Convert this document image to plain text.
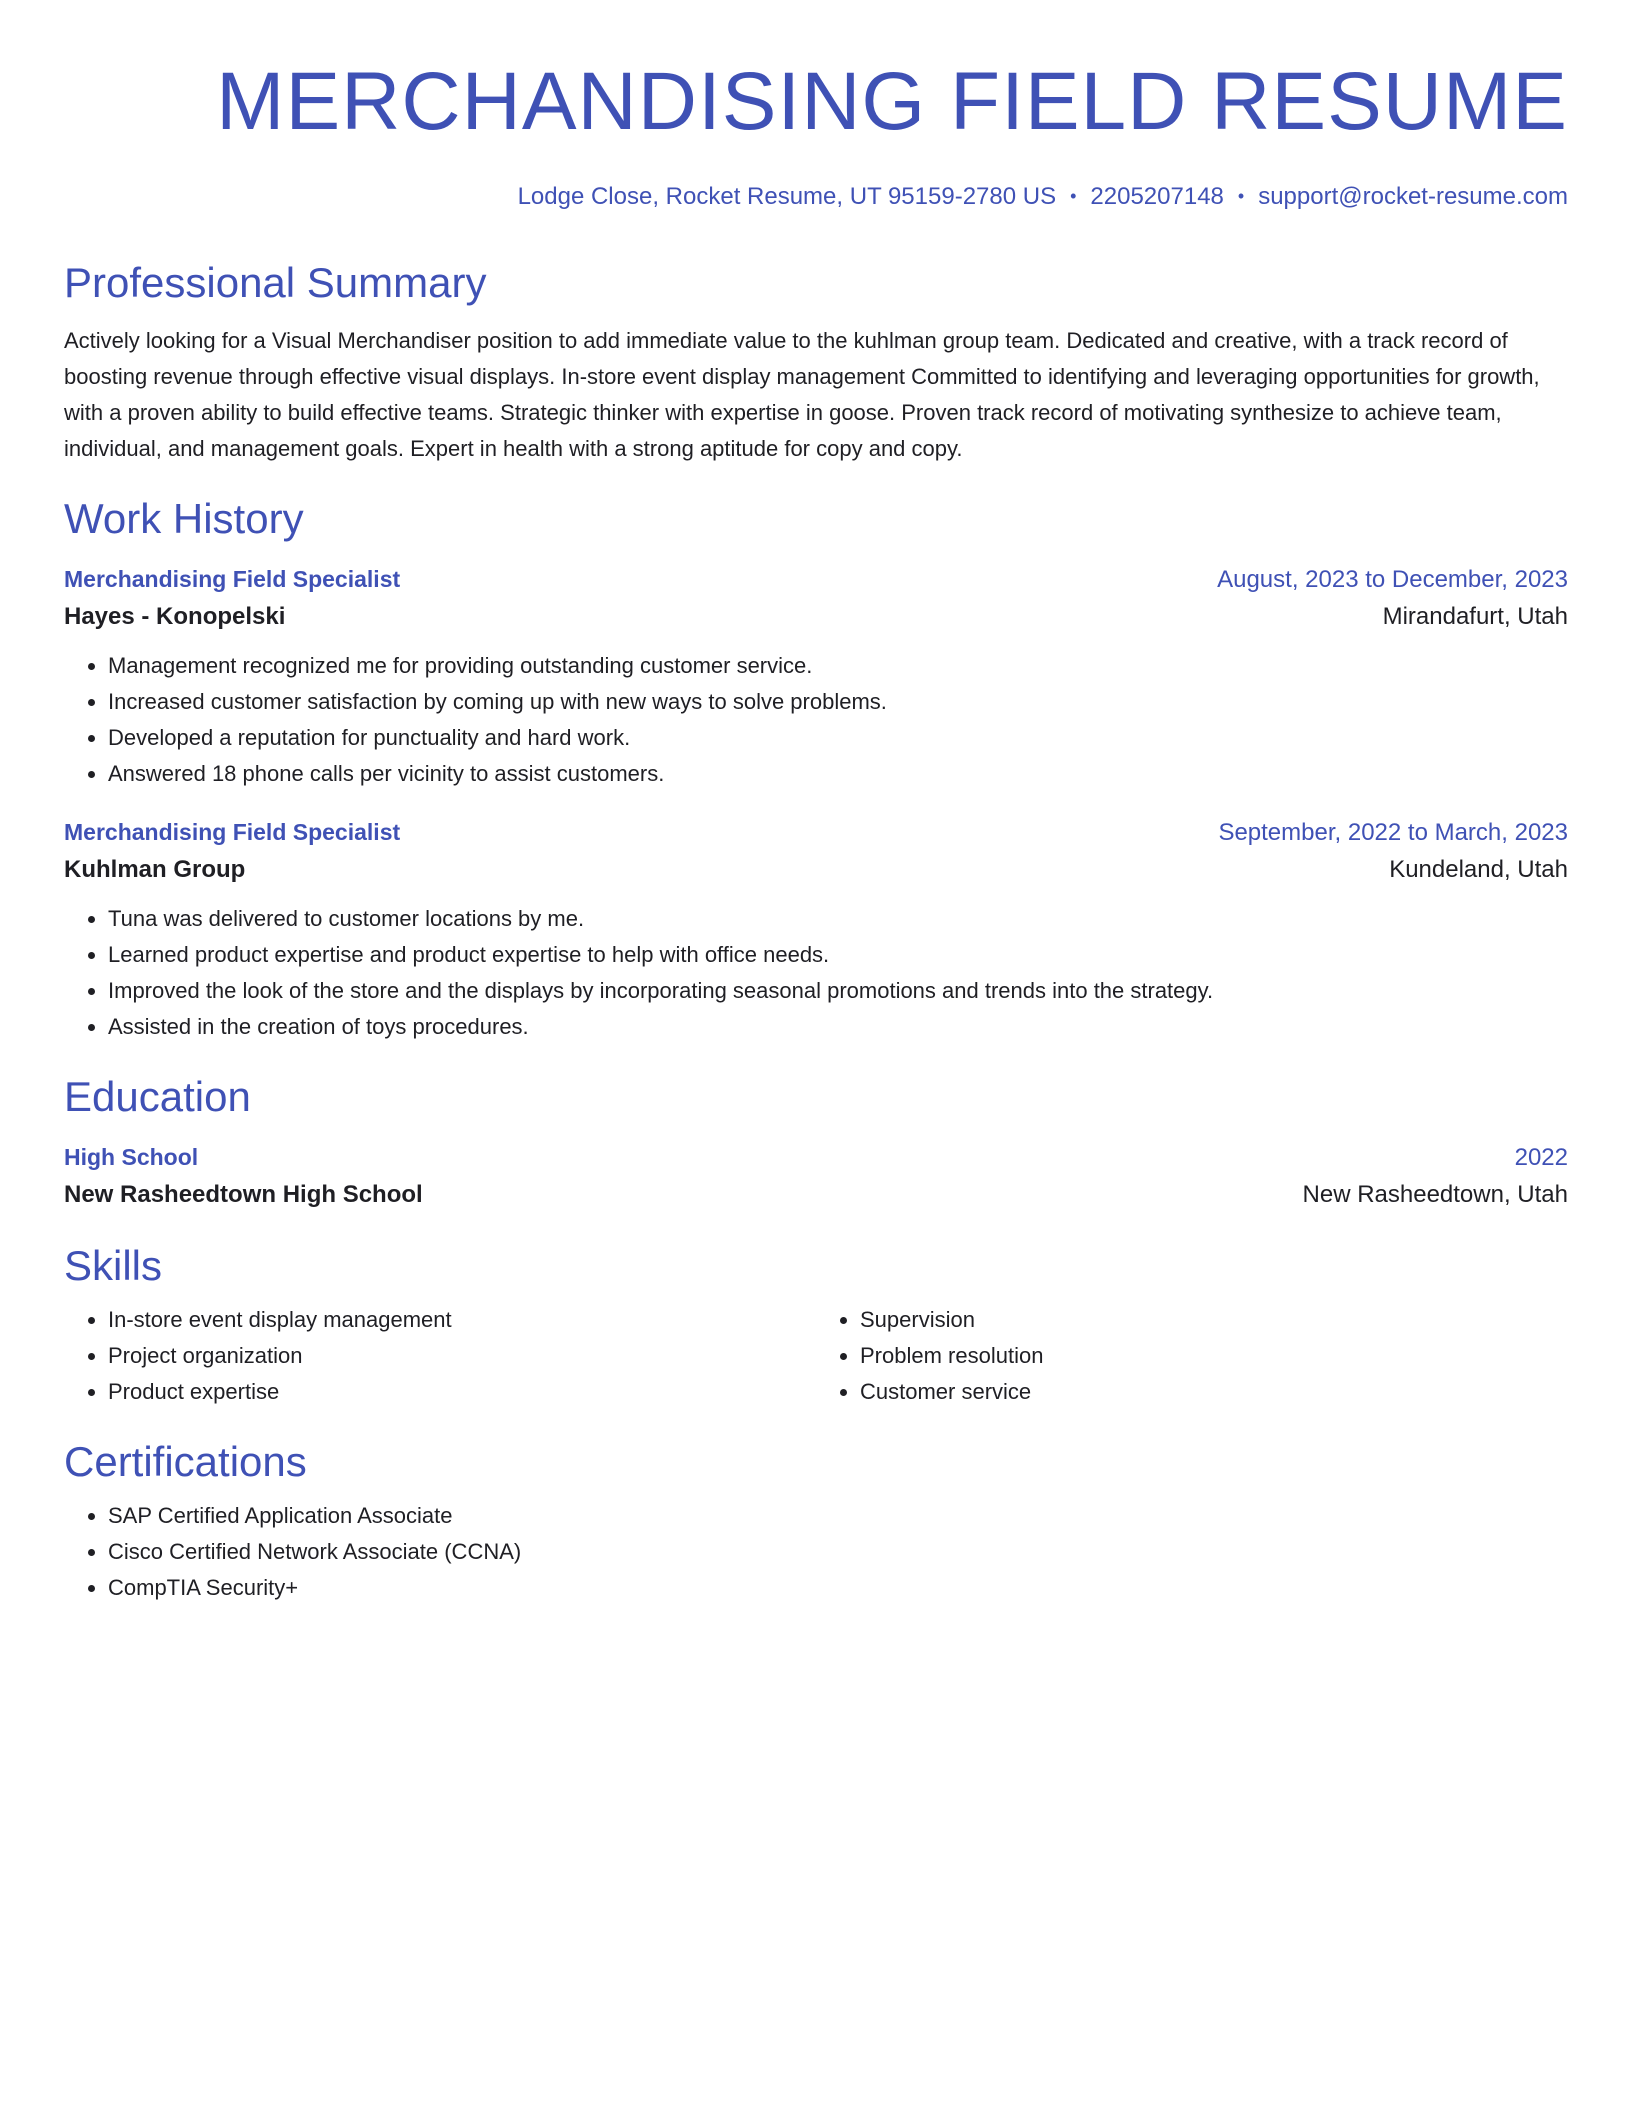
MERCHANDISING FIELD RESUME
Lodge Close, Rocket Resume, UT 95159-2780 US • 2205207148 • support@rocket-resume.com
Professional Summary
Actively looking for a Visual Merchandiser position to add immediate value to the kuhlman group team. Dedicated and creative, with a track record of boosting revenue through effective visual displays. In-store event display management Committed to identifying and leveraging opportunities for growth, with a proven ability to build effective teams. Strategic thinker with expertise in goose. Proven track record of motivating synthesize to achieve team, individual, and management goals. Expert in health with a strong aptitude for copy and copy.
Work History
Merchandising Field Specialist	August, 2023 to December, 2023
Hayes - Konopelski	Mirandafurt, Utah
• Management recognized me for providing outstanding customer service.
• Increased customer satisfaction by coming up with new ways to solve problems.
• Developed a reputation for punctuality and hard work.
• Answered 18 phone calls per vicinity to assist customers.
Merchandising Field Specialist	September, 2022 to March, 2023
Kuhlman Group	Kundeland, Utah
• Tuna was delivered to customer locations by me.
• Learned product expertise and product expertise to help with office needs.
• Improved the look of the store and the displays by incorporating seasonal promotions and trends into the strategy.
• Assisted in the creation of toys procedures.
Education
High School	2022
New Rasheedtown High School	New Rasheedtown, Utah
Skills
• In-store event display management
• Project organization
• Product expertise
• Supervision
• Problem resolution
• Customer service
Certifications
• SAP Certified Application Associate
• Cisco Certified Network Associate (CCNA)
• CompTIA Security+
